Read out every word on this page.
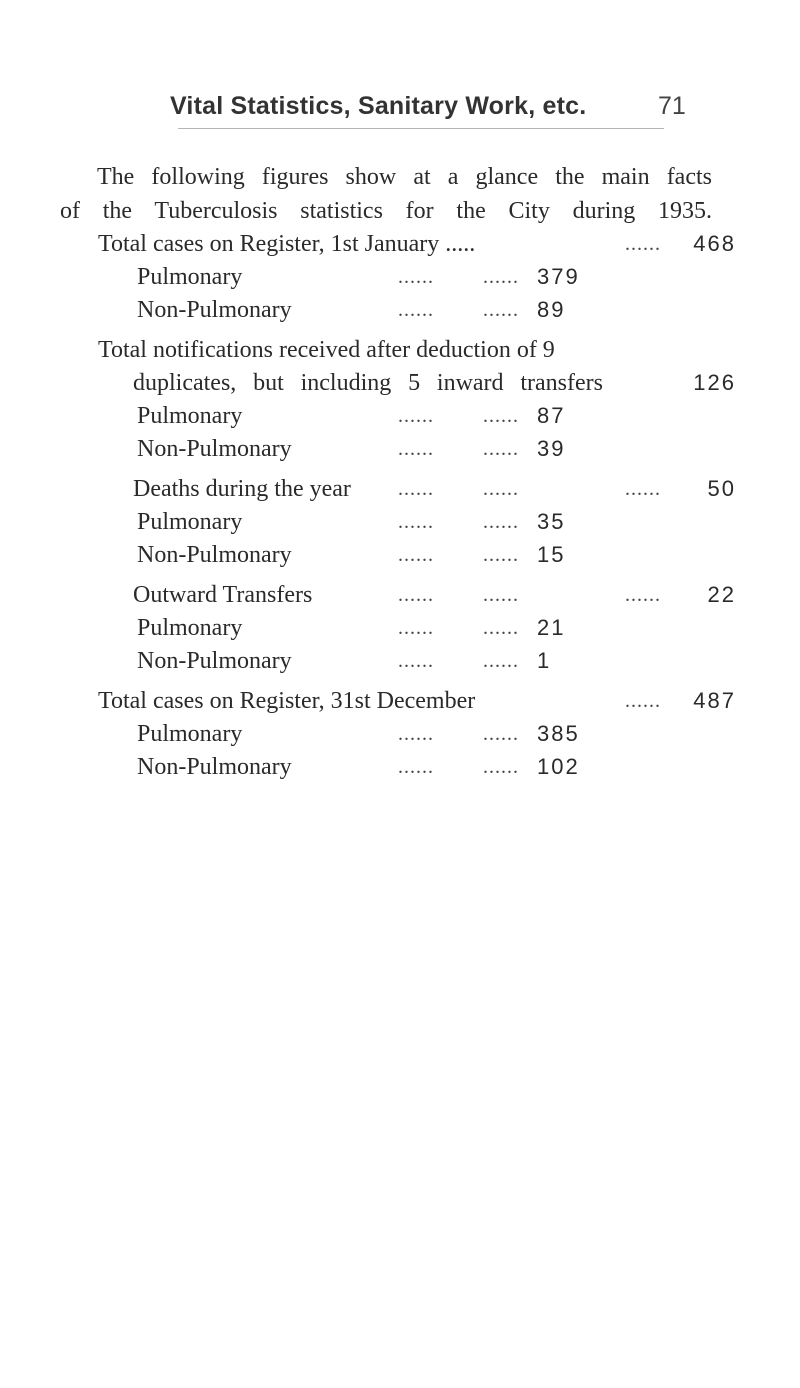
Vital Statistics, Sanitary Work, etc.	71
The following figures show at a glance the main facts
of the Tuberculosis statistics for the City during 1935.
Total cases on Register, 1st January .....	......	468
Pulmonary	...... ...... 379
Non-Pulmonary	...... ...... 89
Total notifications received after deduction of 9
duplicates, but including 5 inward transfers	126
Pulmonary	...... ...... 87
Non-Pulmonary	...... ...... 39
Deaths during the year ...... ......	......	50
Pulmonary	...... ...... 35
Non-Pulmonary	...... ...... 15
Outward Transfers	...... ......	......	22
Pulmonary	...... ...... 21
Non-Pulmonary	...... ...... 1
Total cases on Register, 31st December	......	487
Pulmonary	...... ...... 385
Non-Pulmonary	...... ...... 102
